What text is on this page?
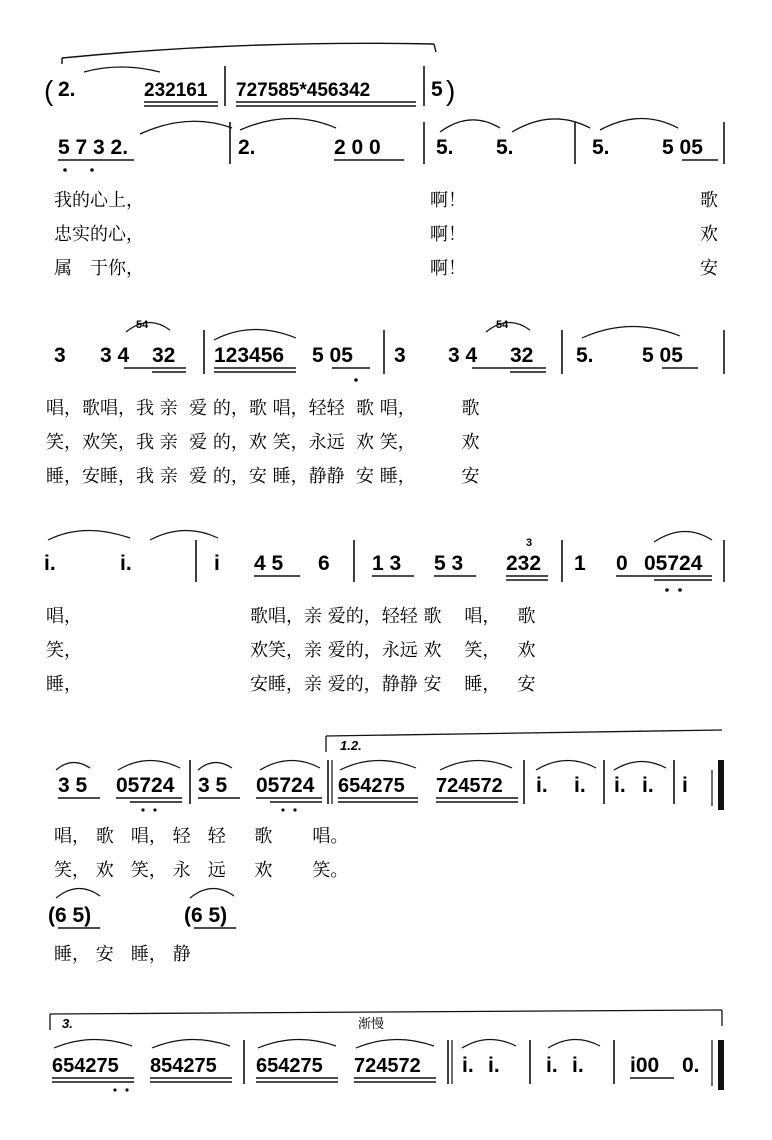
( 2.	232161 727585*456342	5 )
5 7 3 2.	2.	2 0 0	5. 5.	5. 5 05
我的心上，	啊！	歌
忠实的心，	啊！	欢
属　于你，	啊！	安
54	54
3 3 4 32 123456 5 05 3 3 4 32 5. 5 05
唱，歌唱，我 亲  爱 的，歌 唱，轻轻  歌 唱，        歌
笑，欢笑，我 亲  爱 的，欢 笑，永远  欢 笑，        欢
睡，安睡，我 亲  爱 的，安 睡，静静  安 睡，        安
3
i.	i.	i 4 5 6 1 3 5 3 232 1 0 05724
唱，	歌唱，亲 爱的，轻轻 歌    唱，   歌
笑，	欢笑，亲 爱的，永远 欢    笑，   欢
睡，	安睡，亲 爱的，静静 安    睡，   安
1.2.
3 5 05724 3 5 05724 654275 724572 i. i. i. i. i
唱， 歌   唱， 轻   轻     歌       唱。
笑， 欢   笑， 永   远     欢       笑。
(6 5)	(6 5)
睡， 安   睡， 静
3.	渐慢
654275 854275 654275 724572 i. i. i. i. i00 0.
